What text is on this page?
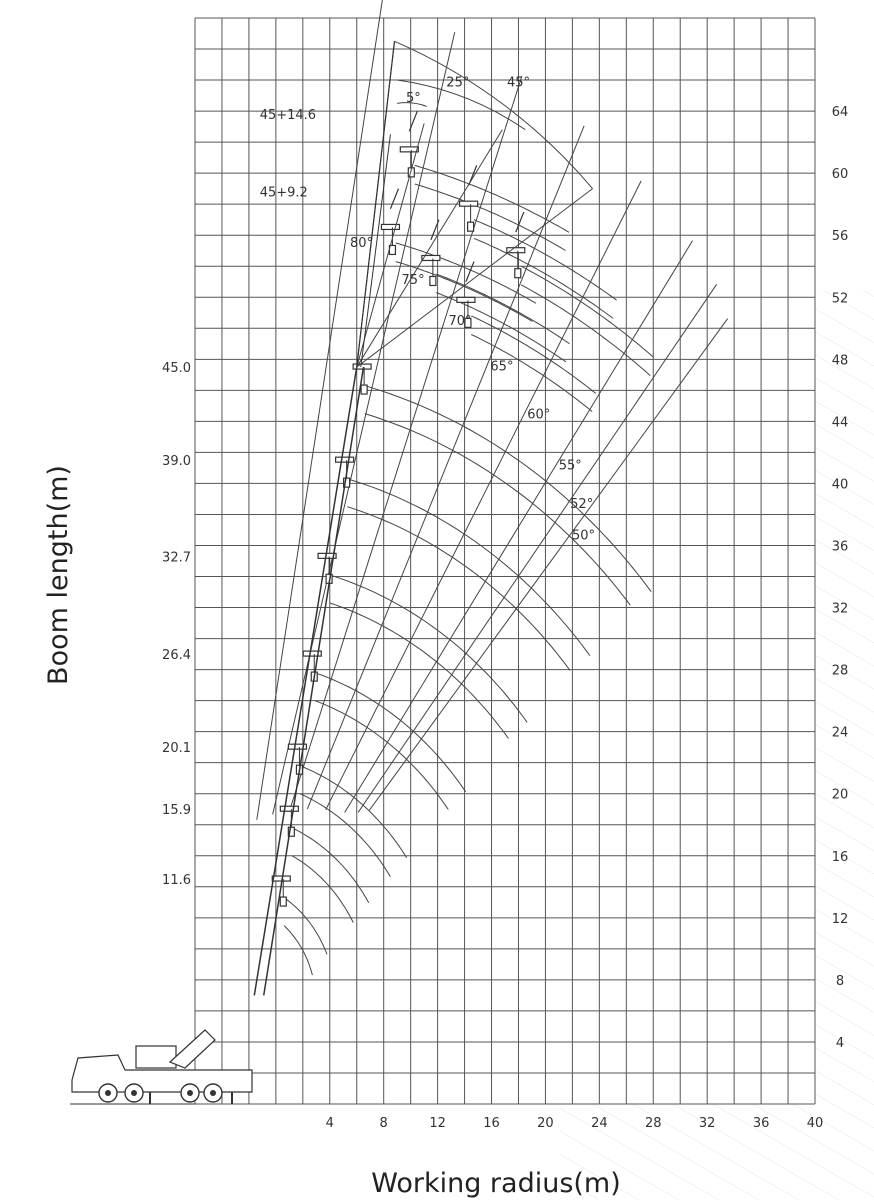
80°
75°
70°
65°
60°
55°
52°
50°
5°
25°	45°
45.0
39.0
32.7
26.4
20.1
15.9
11.6
45+14.6
45+9.2
4	8	12	16	20	24	28	32	36	40
4
8
12
16
20
24
28
32
36
40
44
48
52
56
60
64
Working radius(m)
Boom length(m)
